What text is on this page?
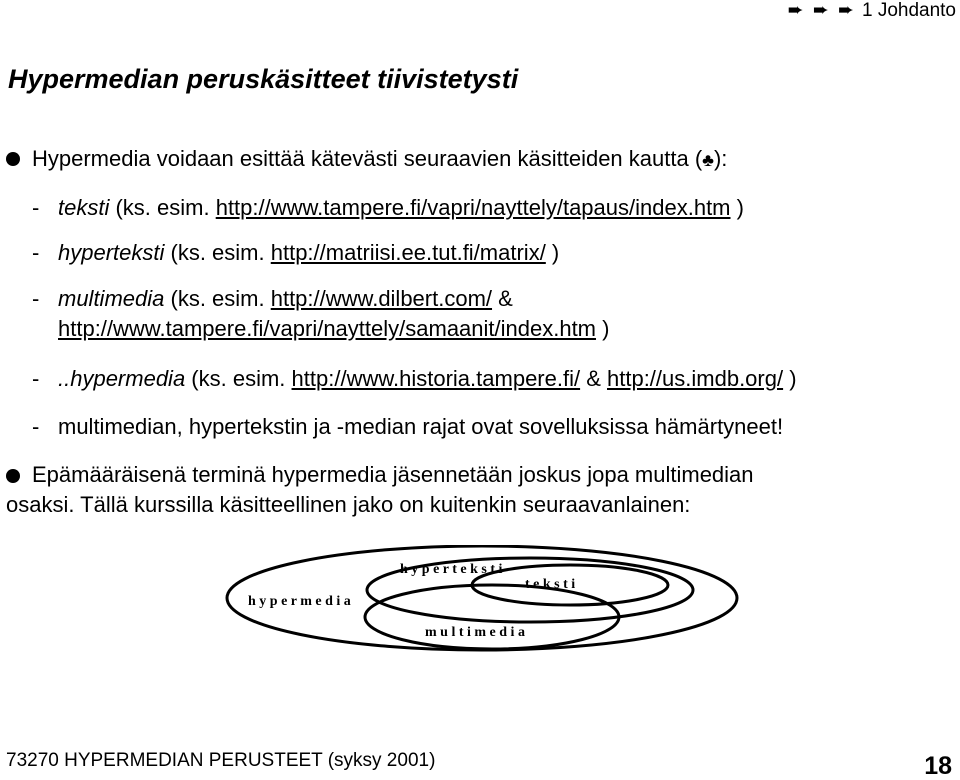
➨ ➨ ➨ 1 Johdanto
Hypermedian peruskäsitteet tiivistetysti
Hypermedia voidaan esittää kätevästi seuraavien käsitteiden kautta (♣):
- teksti (ks. esim. http://www.tampere.fi/vapri/nayttely/tapaus/index.htm )
- hyperteksti (ks. esim. http://matriisi.ee.tut.fi/matrix/ )
- multimedia (ks. esim. http://www.dilbert.com/ &
http://www.tampere.fi/vapri/nayttely/samaanit/index.htm )
- ..hypermedia (ks. esim. http://www.historia.tampere.fi/ & http://us.imdb.org/ )
- multimedian, hypertekstin ja -median rajat ovat sovelluksissa hämärtyneet!
Epämääräisenä terminä hypermedia jäsennetään joskus jopa multimedian
osaksi. Tällä kurssilla käsitteellinen jako on kuitenkin seuraavanlainen:
h y p e r t e k s t i
t e k s t i
h y p e r m e d i a
m u l t i m e d i a
73270 HYPERMEDIAN PERUSTEET (syksy 2001)	18
